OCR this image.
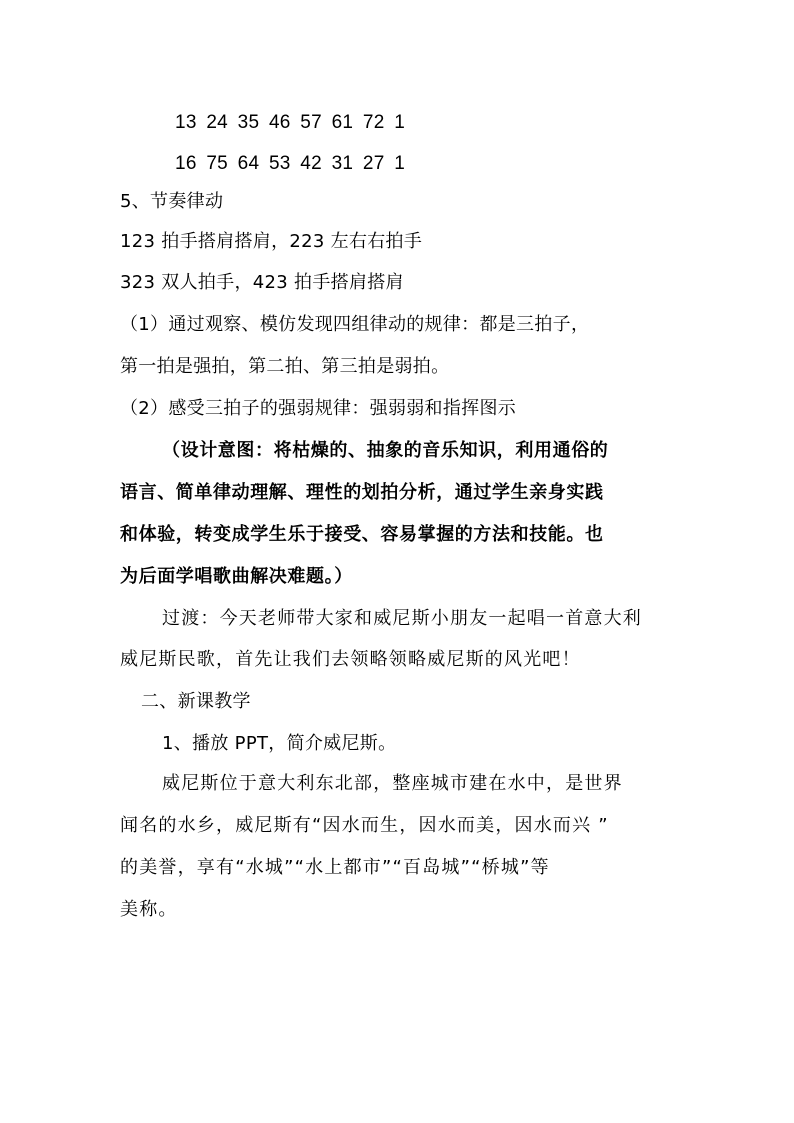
13 24 35 46 57 61 72 1
16 75 64 53 42 31 27 1
5、节奏律动
123 拍手搭肩搭肩，223 左右右拍手
323 双人拍手，423 拍手搭肩搭肩
（1）通过观察、模仿发现四组律动的规律：都是三拍子，
第一拍是强拍，第二拍、第三拍是弱拍。
（2）感受三拍子的强弱规律：强弱弱和指挥图示
（设计意图：将枯燥的、抽象的音乐知识，利用通俗的
语言、简单律动理解、理性的划拍分析，通过学生亲身实践
和体验，转变成学生乐于接受、容易掌握的方法和技能。也
为后面学唱歌曲解决难题。）
过渡：今天老师带大家和威尼斯小朋友一起唱一首意大利
威尼斯民歌，首先让我们去领略领略威尼斯的风光吧！
二、新课教学
1、播放 PPT，简介威尼斯。
威尼斯位于意大利东北部，整座城市建在水中，是世界
闻名的水乡，威尼斯有“因水而生，因水而美，因水而兴 ”
的美誉，享有“水城”“水上都市”“百岛城”“桥城”等
美称。
